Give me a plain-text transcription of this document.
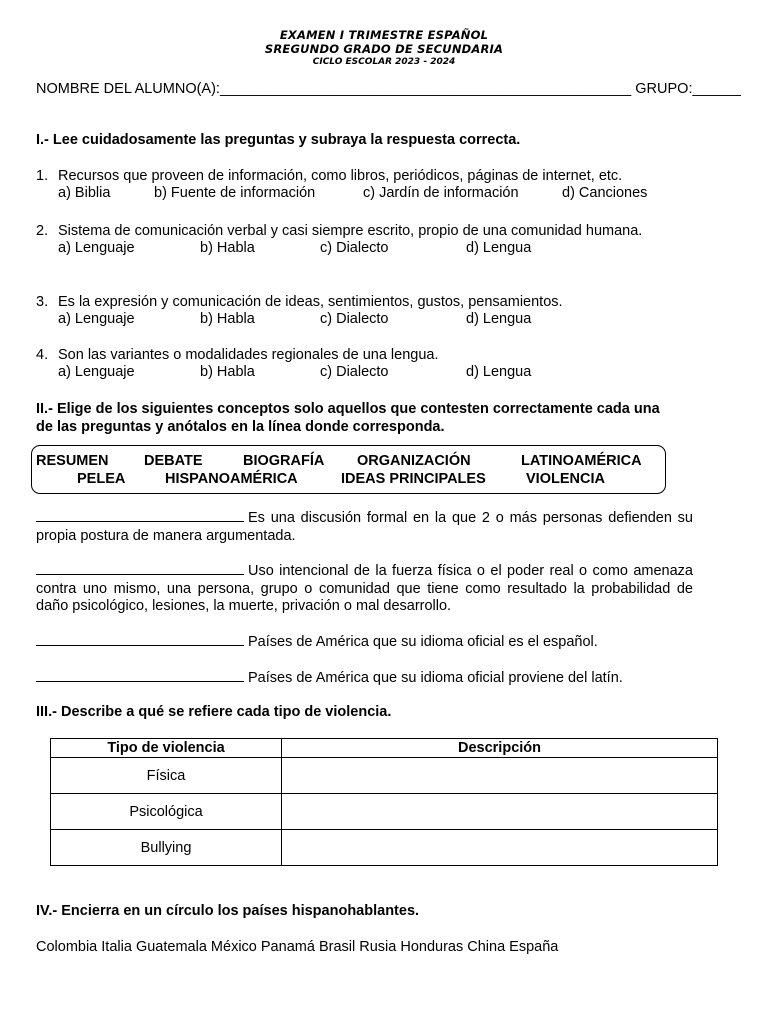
EXAMEN I TRIMESTRE ESPAÑOL
SREGUNDO GRADO DE SECUNDARIA
CICLO ESCOLAR 2023 - 2024
NOMBRE DEL ALUMNO(A):___________________________________________________ GRUPO:______
I.- Lee cuidadosamente las preguntas y subraya la respuesta correcta.
1. Recursos que proveen de información, como libros, periódicos, páginas de internet, etc.
a) Biblia	b) Fuente de información	c) Jardín de información	d) Canciones
2. Sistema de comunicación verbal y casi siempre escrito, propio de una comunidad humana.
a) Lenguaje	b) Habla	c) Dialecto	d) Lengua
3. Es la expresión y comunicación de ideas, sentimientos, gustos, pensamientos.
a) Lenguaje	b) Habla	c) Dialecto	d) Lengua
4. Son las variantes o modalidades regionales de una lengua.
a) Lenguaje	b) Habla	c) Dialecto	d) Lengua
II.- Elige de los siguientes conceptos solo aquellos que contesten correctamente cada una de las preguntas y anótalos en la línea donde corresponda.
RESUMEN DEBATE	BIOGRAFÍA ORGANIZACIÓN	LATINOAMÉRICA
PELEA	HISPANOAMÉRICA	IDEAS PRINCIPALES	VIOLENCIA
Es una discusión formal en la que 2 o más personas defienden su propia postura de manera argumentada.
Uso intencional de la fuerza física o el poder real o como amenaza contra uno mismo, una persona, grupo o comunidad que tiene como resultado la probabilidad de daño psicológico, lesiones, la muerte, privación o mal desarrollo.
Países de América que su idioma oficial es el español.
Países de América que su idioma oficial proviene del latín.
III.- Describe a qué se refiere cada tipo de violencia.
Tipo de violencia	Descripción
Física	
Psicológica	
Bullying	
IV.- Encierra en un círculo los países hispanohablantes.
Colombia Italia Guatemala México Panamá Brasil Rusia Honduras China España
